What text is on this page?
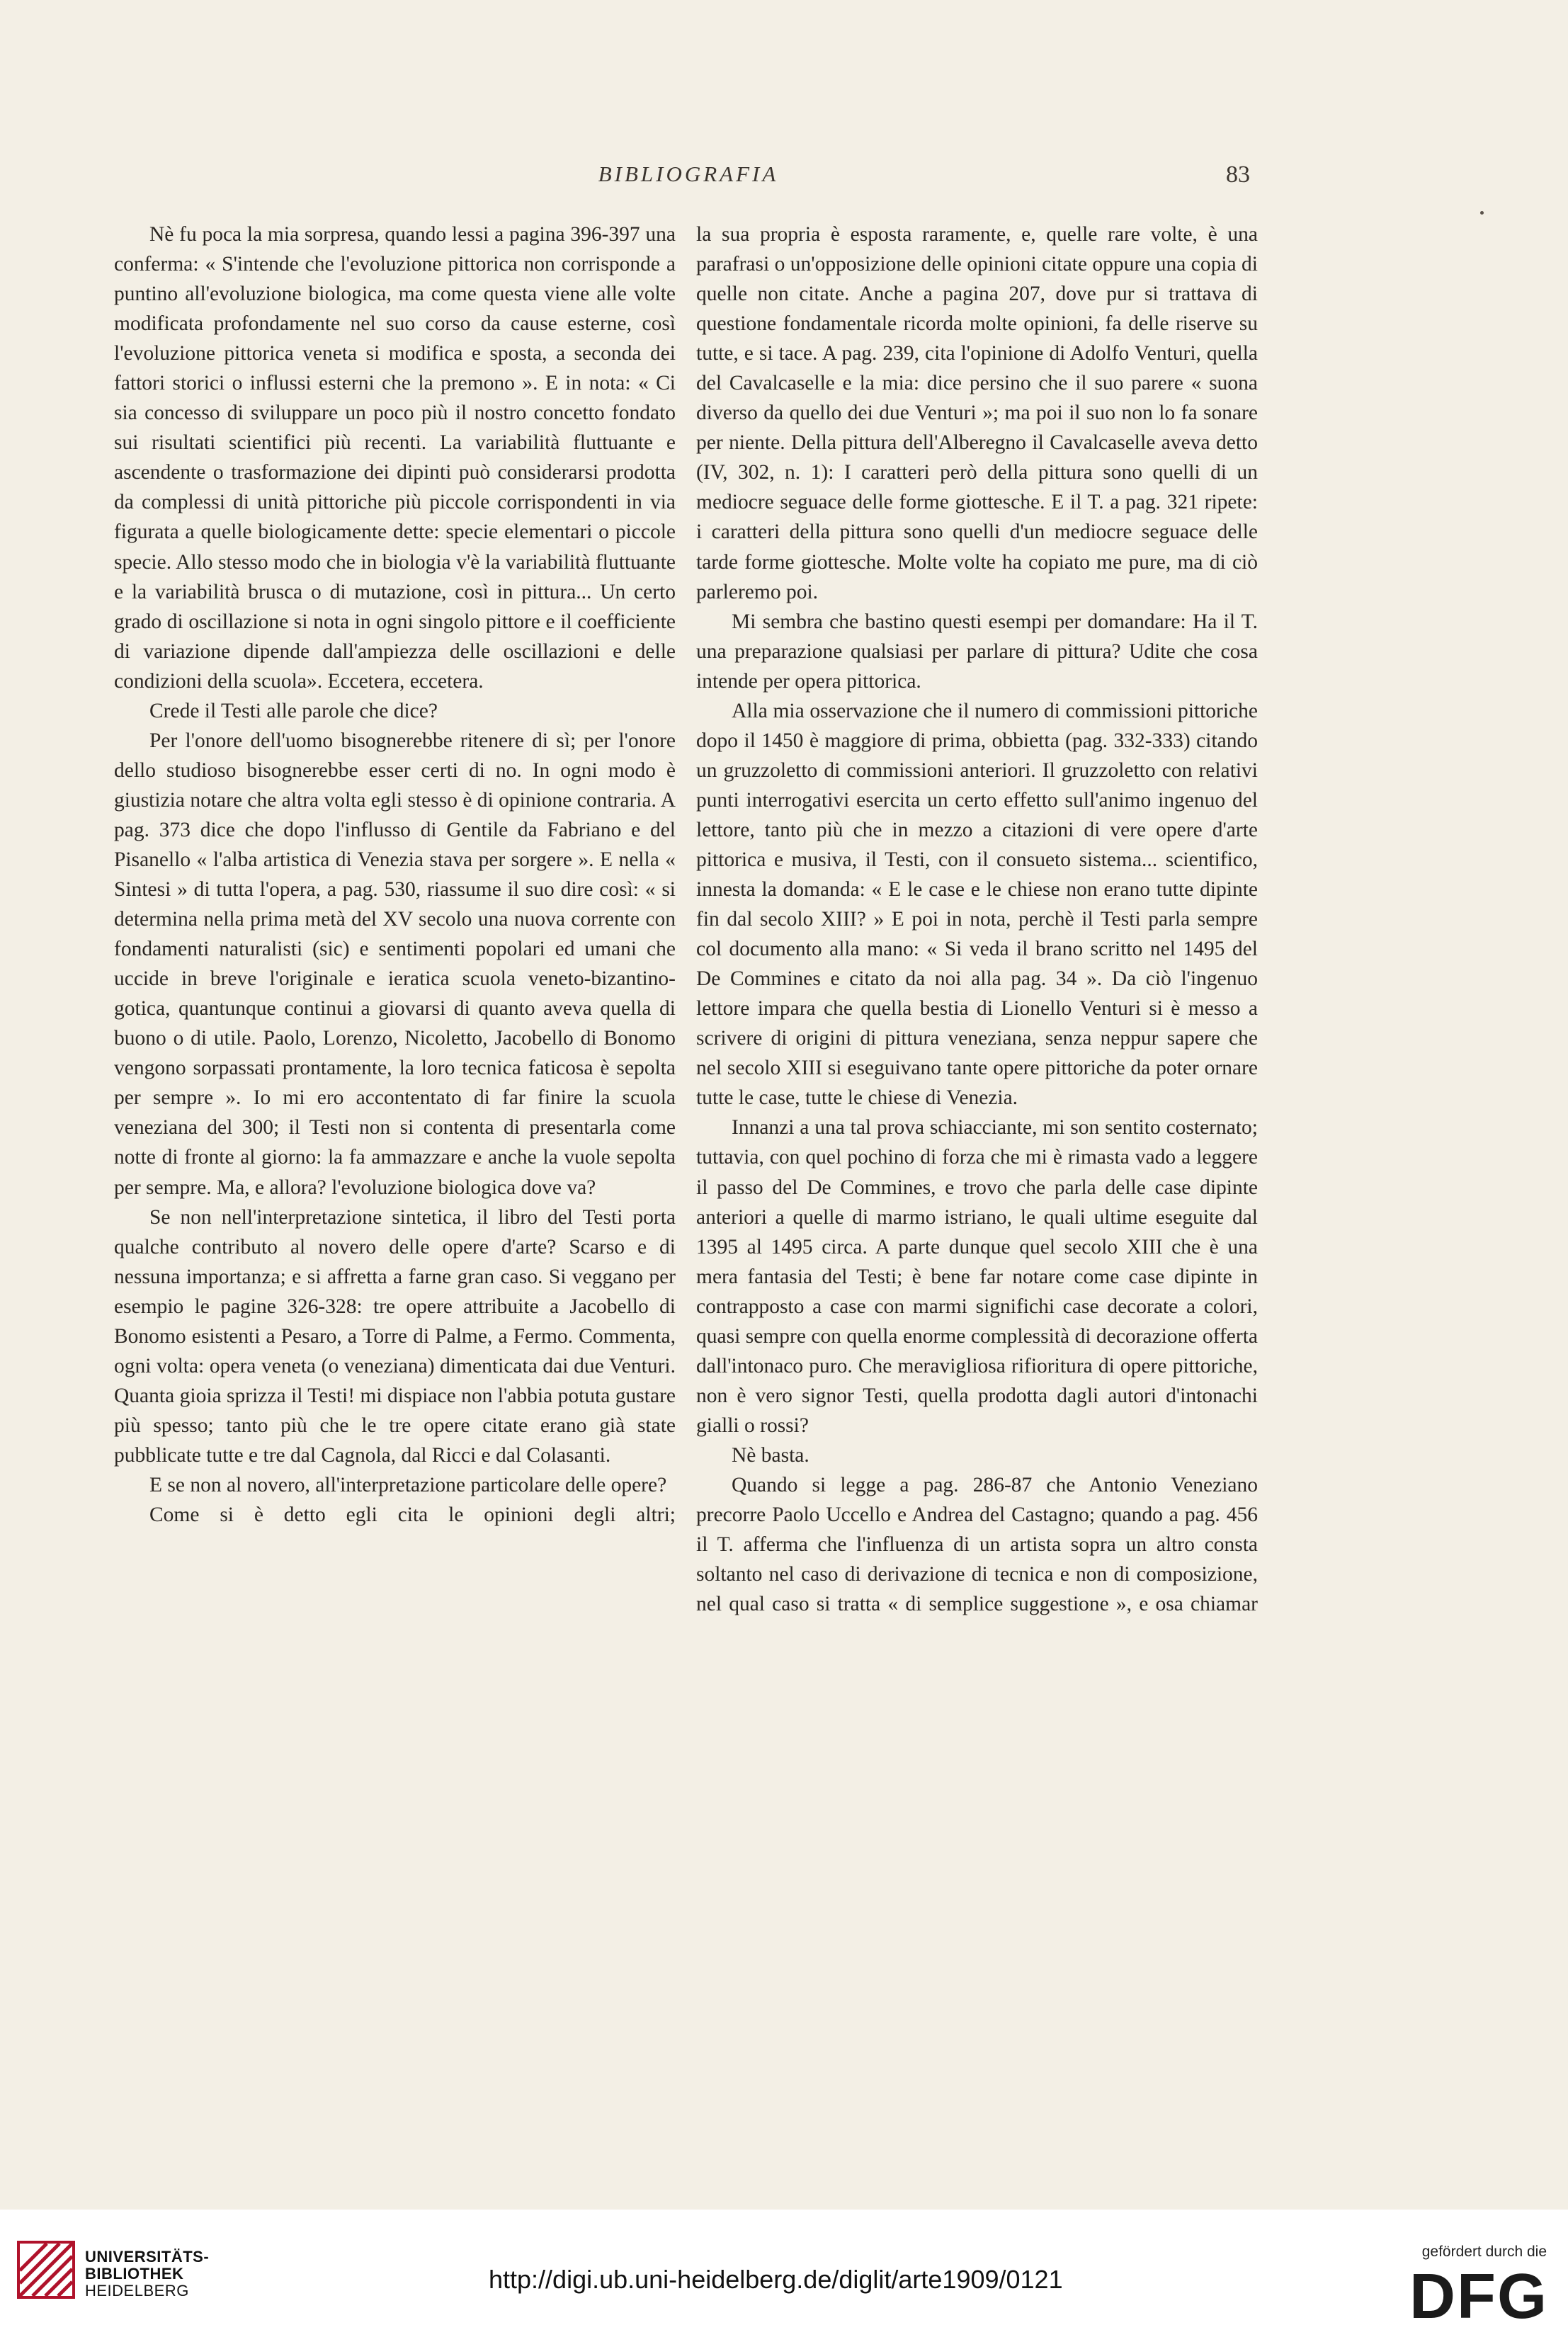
BIBLIOGRAFIA	83

Nè fu poca la mia sorpresa, quando lessi a pagina 396-397 una conferma: « S'intende che l'evoluzione pittorica non corrisponde a puntino all'evoluzione biologica, ma come questa viene alle volte modificata profondamente nel suo corso da cause esterne, così l'evoluzione pittorica veneta si modifica e sposta, a seconda dei fattori storici o influssi esterni che la premono ». E in nota: « Ci sia concesso di sviluppare un poco più il nostro concetto fondato sui risultati scientifici più recenti. La variabilità fluttuante e ascendente o trasformazione dei dipinti può considerarsi prodotta da complessi di unità pittoriche più piccole corrispondenti in via figurata a quelle biologicamente dette: specie elementari o piccole specie. Allo stesso modo che in biologia v'è la variabilità fluttuante e la variabilità brusca o di mutazione, così in pittura... Un certo grado di oscillazione si nota in ogni singolo pittore e il coefficiente di variazione dipende dall'ampiezza delle oscillazioni e delle condizioni della scuola». Eccetera, eccetera.

Crede il Testi alle parole che dice?

Per l'onore dell'uomo bisognerebbe ritenere di sì; per l'onore dello studioso bisognerebbe esser certi di no. In ogni modo è giustizia notare che altra volta egli stesso è di opinione contraria. A pag. 373 dice che dopo l'influsso di Gentile da Fabriano e del Pisanello « l'alba artistica di Venezia stava per sorgere ». E nella « Sintesi » di tutta l'opera, a pag. 530, riassume il suo dire così: « si determina nella prima metà del XV secolo una nuova corrente con fondamenti naturalisti (sic) e sentimenti popolari ed umani che uccide in breve l'originale e ieratica scuola veneto-bizantino-gotica, quantunque continui a giovarsi di quanto aveva quella di buono o di utile. Paolo, Lorenzo, Nicoletto, Jacobello di Bonomo vengono sorpassati prontamente, la loro tecnica faticosa è sepolta per sempre ». Io mi ero accontentato di far finire la scuola veneziana del 300; il Testi non si contenta di presentarla come notte di fronte al giorno: la fa ammazzare e anche la vuole sepolta per sempre. Ma, e allora? l'evoluzione biologica dove va?

Se non nell'interpretazione sintetica, il libro del Testi porta qualche contributo al novero delle opere d'arte? Scarso e di nessuna importanza; e si affretta a farne gran caso. Si veggano per esempio le pagine 326-328: tre opere attribuite a Jacobello di Bonomo esistenti a Pesaro, a Torre di Palme, a Fermo. Commenta, ogni volta: opera veneta (o veneziana) dimenticata dai due Venturi. Quanta gioia sprizza il Testi! mi dispiace non l'abbia potuta gustare più spesso; tanto più che le tre opere citate erano già state pubblicate tutte e tre dal Cagnola, dal Ricci e dal Colasanti.

E se non al novero, all'interpretazione particolare delle opere?

Come si è detto egli cita le opinioni degli altri;

la sua propria è esposta raramente, e, quelle rare volte, è una parafrasi o un'opposizione delle opinioni citate oppure una copia di quelle non citate. Anche a pagina 207, dove pur si trattava di questione fondamentale ricorda molte opinioni, fa delle riserve su tutte, e si tace. A pag. 239, cita l'opinione di Adolfo Venturi, quella del Cavalcaselle e la mia: dice persino che il suo parere « suona diverso da quello dei due Venturi »; ma poi il suo non lo fa sonare per niente. Della pittura dell'Alberegno il Cavalcaselle aveva detto (IV, 302, n. 1): I caratteri però della pittura sono quelli di un mediocre seguace delle forme giottesche. E il T. a pag. 321 ripete: i caratteri della pittura sono quelli d'un mediocre seguace delle tarde forme giottesche. Molte volte ha copiato me pure, ma di ciò parleremo poi.

Mi sembra che bastino questi esempi per domandare: Ha il T. una preparazione qualsiasi per parlare di pittura? Udite che cosa intende per opera pittorica.

Alla mia osservazione che il numero di commissioni pittoriche dopo il 1450 è maggiore di prima, obbietta (pag. 332-333) citando un gruzzoletto di commissioni anteriori. Il gruzzoletto con relativi punti interrogativi esercita un certo effetto sull'animo ingenuo del lettore, tanto più che in mezzo a citazioni di vere opere d'arte pittorica e musiva, il Testi, con il consueto sistema... scientifico, innesta la domanda: « E le case e le chiese non erano tutte dipinte fin dal secolo XIII? » E poi in nota, perchè il Testi parla sempre col documento alla mano: « Si veda il brano scritto nel 1495 del De Commines e citato da noi alla pag. 34 ». Da ciò l'ingenuo lettore impara che quella bestia di Lionello Venturi si è messo a scrivere di origini di pittura veneziana, senza neppur sapere che nel secolo XIII si eseguivano tante opere pittoriche da poter ornare tutte le case, tutte le chiese di Venezia.

Innanzi a una tal prova schiacciante, mi son sentito costernato; tuttavia, con quel pochino di forza che mi è rimasta vado a leggere il passo del De Commines, e trovo che parla delle case dipinte anteriori a quelle di marmo istriano, le quali ultime eseguite dal 1395 al 1495 circa. A parte dunque quel secolo XIII che è una mera fantasia del Testi; è bene far notare come case dipinte in contrapposto a case con marmi significhi case decorate a colori, quasi sempre con quella enorme complessità di decorazione offerta dall'intonaco puro. Che meravigliosa rifioritura di opere pittoriche, non è vero signor Testi, quella prodotta dagli autori d'intonachi gialli o rossi?

Nè basta.

Quando si legge a pag. 286-87 che Antonio Veneziano precorre Paolo Uccello e Andrea del Castagno; quando a pag. 456 il T. afferma che l'influenza di un artista sopra un altro consta soltanto nel caso di derivazione di tecnica e non di composizione, nel qual caso si tratta « di semplice suggestione », e osa chiamar

UNIVERSITÄTS-
BIBLIOTHEK
HEIDELBERG	http://digi.ub.uni-heidelberg.de/diglit/arte1909/0121
gefördert durch die
DFG
